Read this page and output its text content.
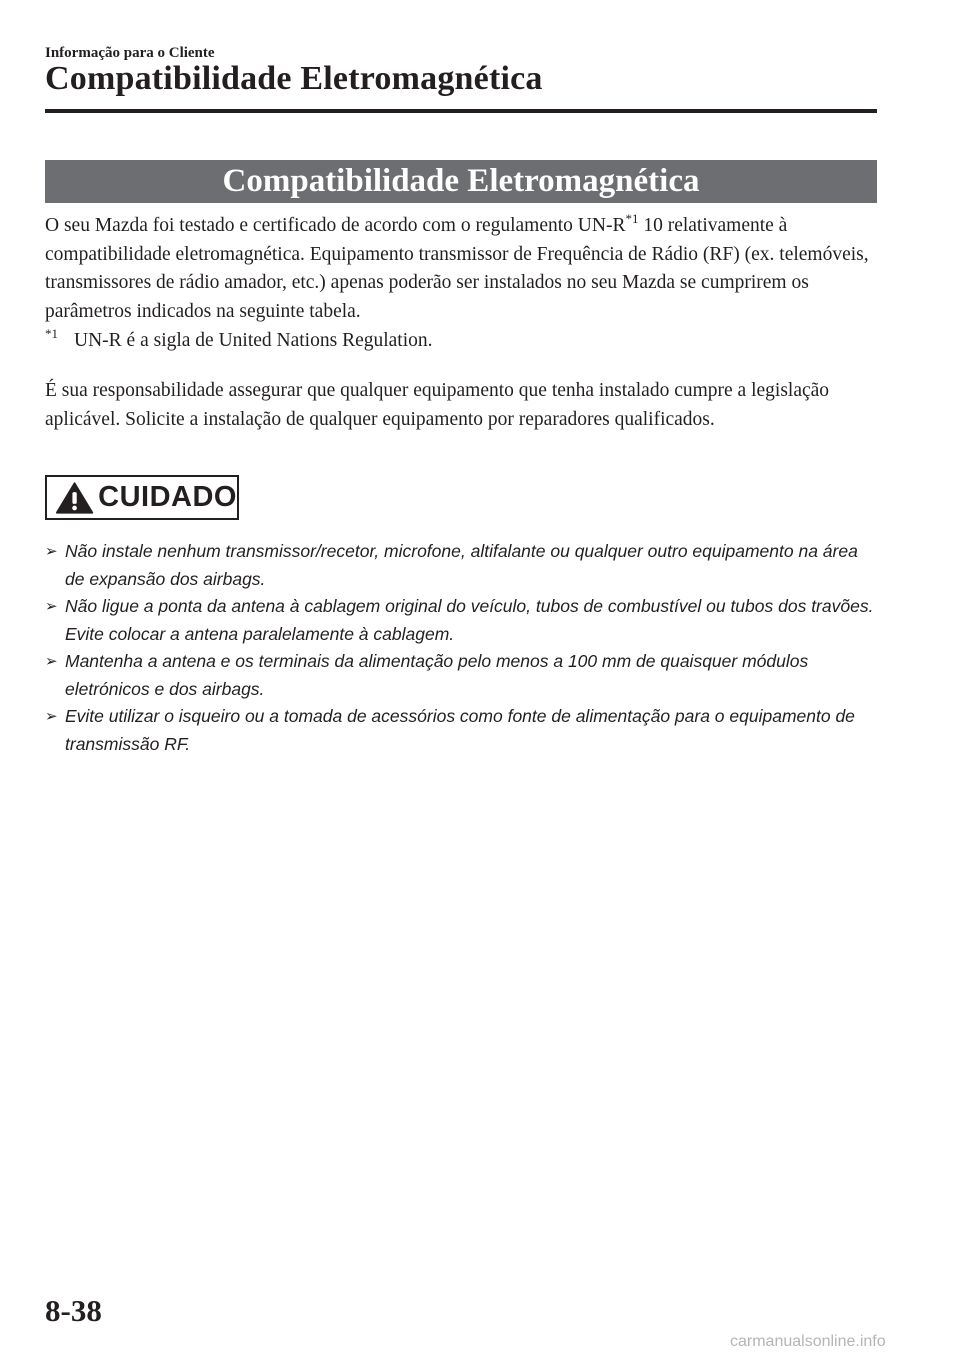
Informação para o Cliente
Compatibilidade Eletromagnética
Compatibilidade Eletromagnética
O seu Mazda foi testado e certificado de acordo com o regulamento $UN-R^{*1}$ 10 relativamente à compatibilidade eletromagnética. Equipamento transmissor de Frequência de Rádio (RF) (ex. telemóveis, transmissores de rádio amador, etc.) apenas poderão ser instalados no seu Mazda se cumprirem os parâmetros indicados na seguinte tabela.
$^{*1}$ UN-R é a sigla de United Nations Regulation.
É sua responsabilidade assegurar que qualquer equipamento que tenha instalado cumpre a legislação aplicável. Solicite a instalação de qualquer equipamento por reparadores qualificados.
CUIDADO
➢ Não instale nenhum transmissor/recetor, microfone, altifalante ou qualquer outro equipamento na área de expansão dos airbags.
➢ Não ligue a ponta da antena à cablagem original do veículo, tubos de combustível ou tubos dos travões. Evite colocar a antena paralelamente à cablagem.
➢ Mantenha a antena e os terminais da alimentação pelo menos a 100 mm de quaisquer módulos eletrónicos e dos airbags.
➢ Evite utilizar o isqueiro ou a tomada de acessórios como fonte de alimentação para o equipamento de transmissão RF.
8-38
carmanualsonline.info
